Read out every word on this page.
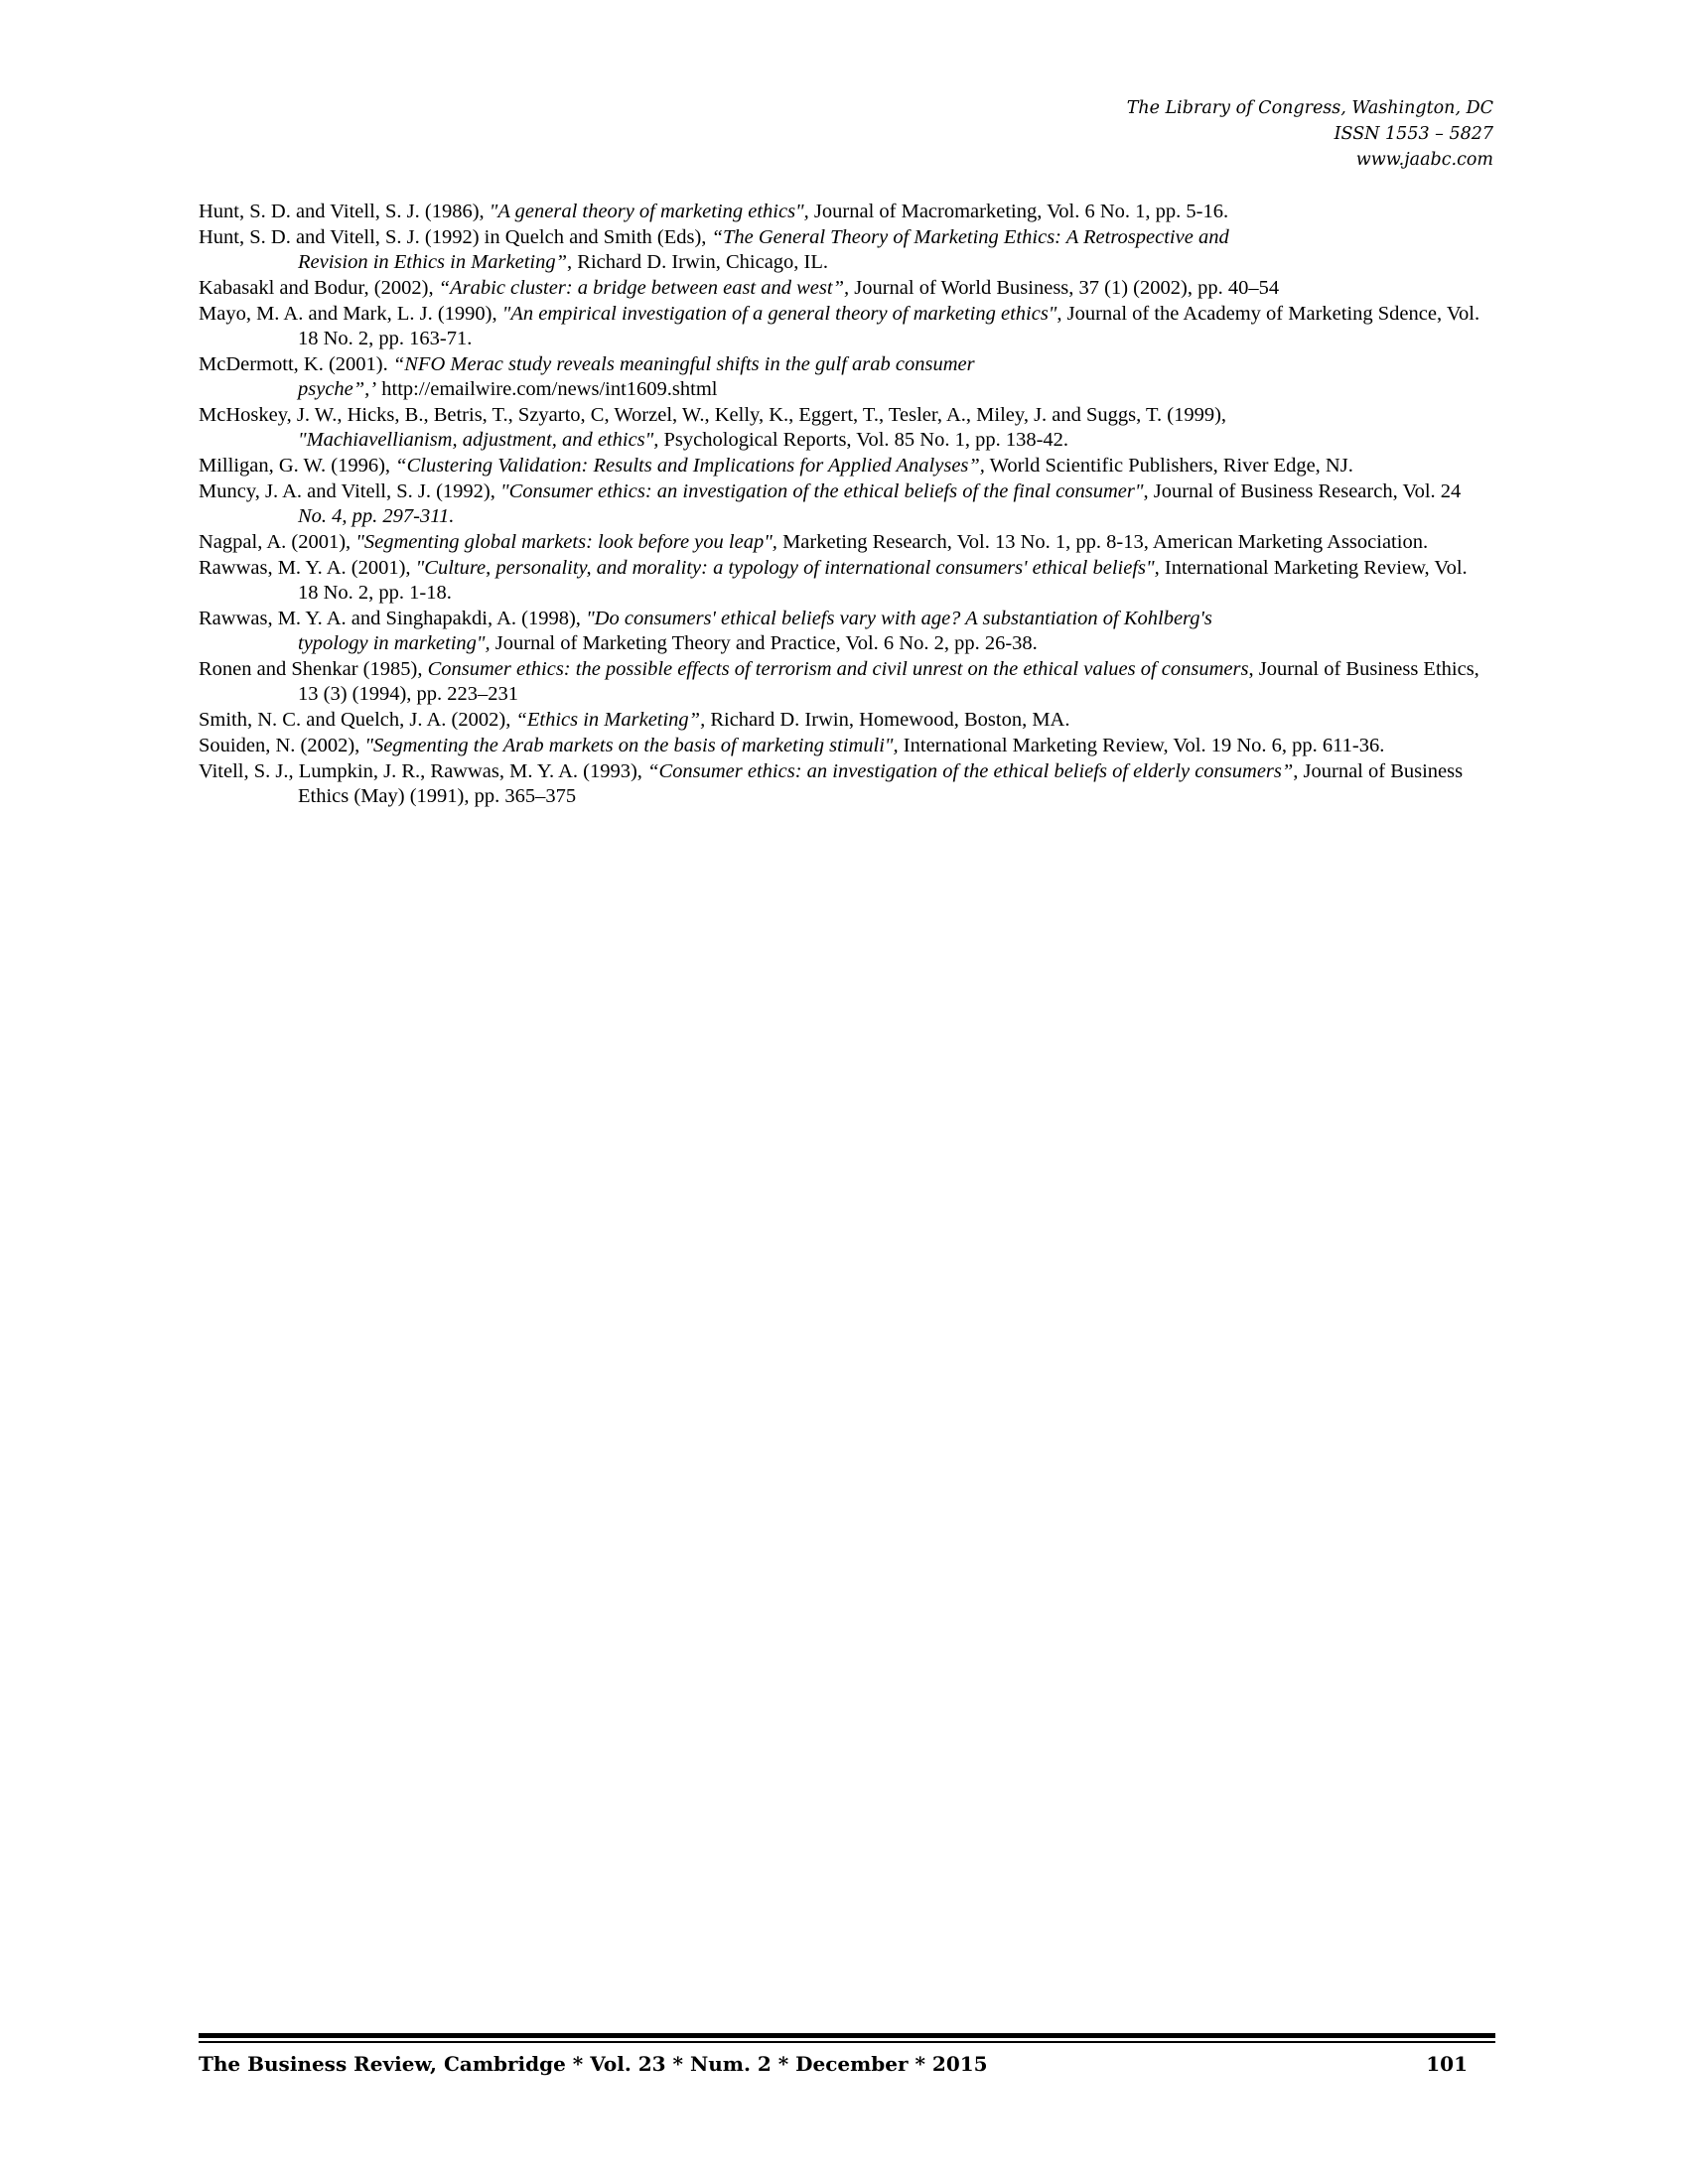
The Library of Congress, Washington, DC
ISSN 1553 – 5827
www.jaabc.com
Hunt, S. D. and Vitell, S. J. (1986), "A general theory of marketing ethics", Journal of Macromarketing, Vol. 6 No. 1, pp. 5-16.
Hunt, S. D. and Vitell, S. J. (1992) in Quelch and Smith (Eds), “The General Theory of Marketing Ethics: A Retrospective and
Revision in Ethics in Marketing”, Richard D. Irwin, Chicago, IL.
Kabasakl and Bodur, (2002), “Arabic cluster: a bridge between east and west”, Journal of World Business, 37 (1) (2002), pp. 40–54
Mayo, M. A. and Mark, L. J. (1990), "An empirical investigation of a general theory of marketing ethics", Journal of the Academy of Marketing Sdence, Vol. 18 No. 2, pp. 163-71.
McDermott, K. (2001). “NFO Merac study reveals meaningful shifts in the gulf arab consumer
psyche”,’ http://emailwire.com/news/int1609.shtml
McHoskey, J. W., Hicks, B., Betris, T., Szyarto, C, Worzel, W., Kelly, K., Eggert, T., Tesler, A., Miley, J. and Suggs, T. (1999),
"Machiavellianism, adjustment, and ethics", Psychological Reports, Vol. 85 No. 1, pp. 138-42.
Milligan, G. W. (1996), “Clustering Validation: Results and Implications for Applied Analyses”, World Scientific Publishers, River Edge, NJ.
Muncy, J. A. and Vitell, S. J. (1992), "Consumer ethics: an investigation of the ethical beliefs of the final consumer", Journal of Business Research, Vol. 24 No. 4, pp. 297-311.
Nagpal, A. (2001), "Segmenting global markets: look before you leap", Marketing Research, Vol. 13 No. 1, pp. 8-13, American Marketing Association.
Rawwas, M. Y. A. (2001), "Culture, personality, and morality: a typology of international consumers' ethical beliefs", International Marketing Review, Vol. 18 No. 2, pp. 1-18.
Rawwas, M. Y. A. and Singhapakdi, A. (1998), "Do consumers' ethical beliefs vary with age? A substantiation of Kohlberg's
typology in marketing", Journal of Marketing Theory and Practice, Vol. 6 No. 2, pp. 26-38.
Ronen and Shenkar (1985), Consumer ethics: the possible effects of terrorism and civil unrest on the ethical values of consumers, Journal of Business Ethics, 13 (3) (1994), pp. 223–231
Smith, N. C. and Quelch, J. A. (2002), “Ethics in Marketing”, Richard D. Irwin, Homewood, Boston, MA.
Souiden, N. (2002), "Segmenting the Arab markets on the basis of marketing stimuli", International Marketing Review, Vol. 19 No. 6, pp. 611-36.
Vitell, S. J., Lumpkin, J. R., Rawwas, M. Y. A. (1993), “Consumer ethics: an investigation of the ethical beliefs of elderly consumers”, Journal of Business Ethics (May) (1991), pp. 365–375
The Business Review, Cambridge * Vol. 23 * Num. 2 * December * 2015	101
